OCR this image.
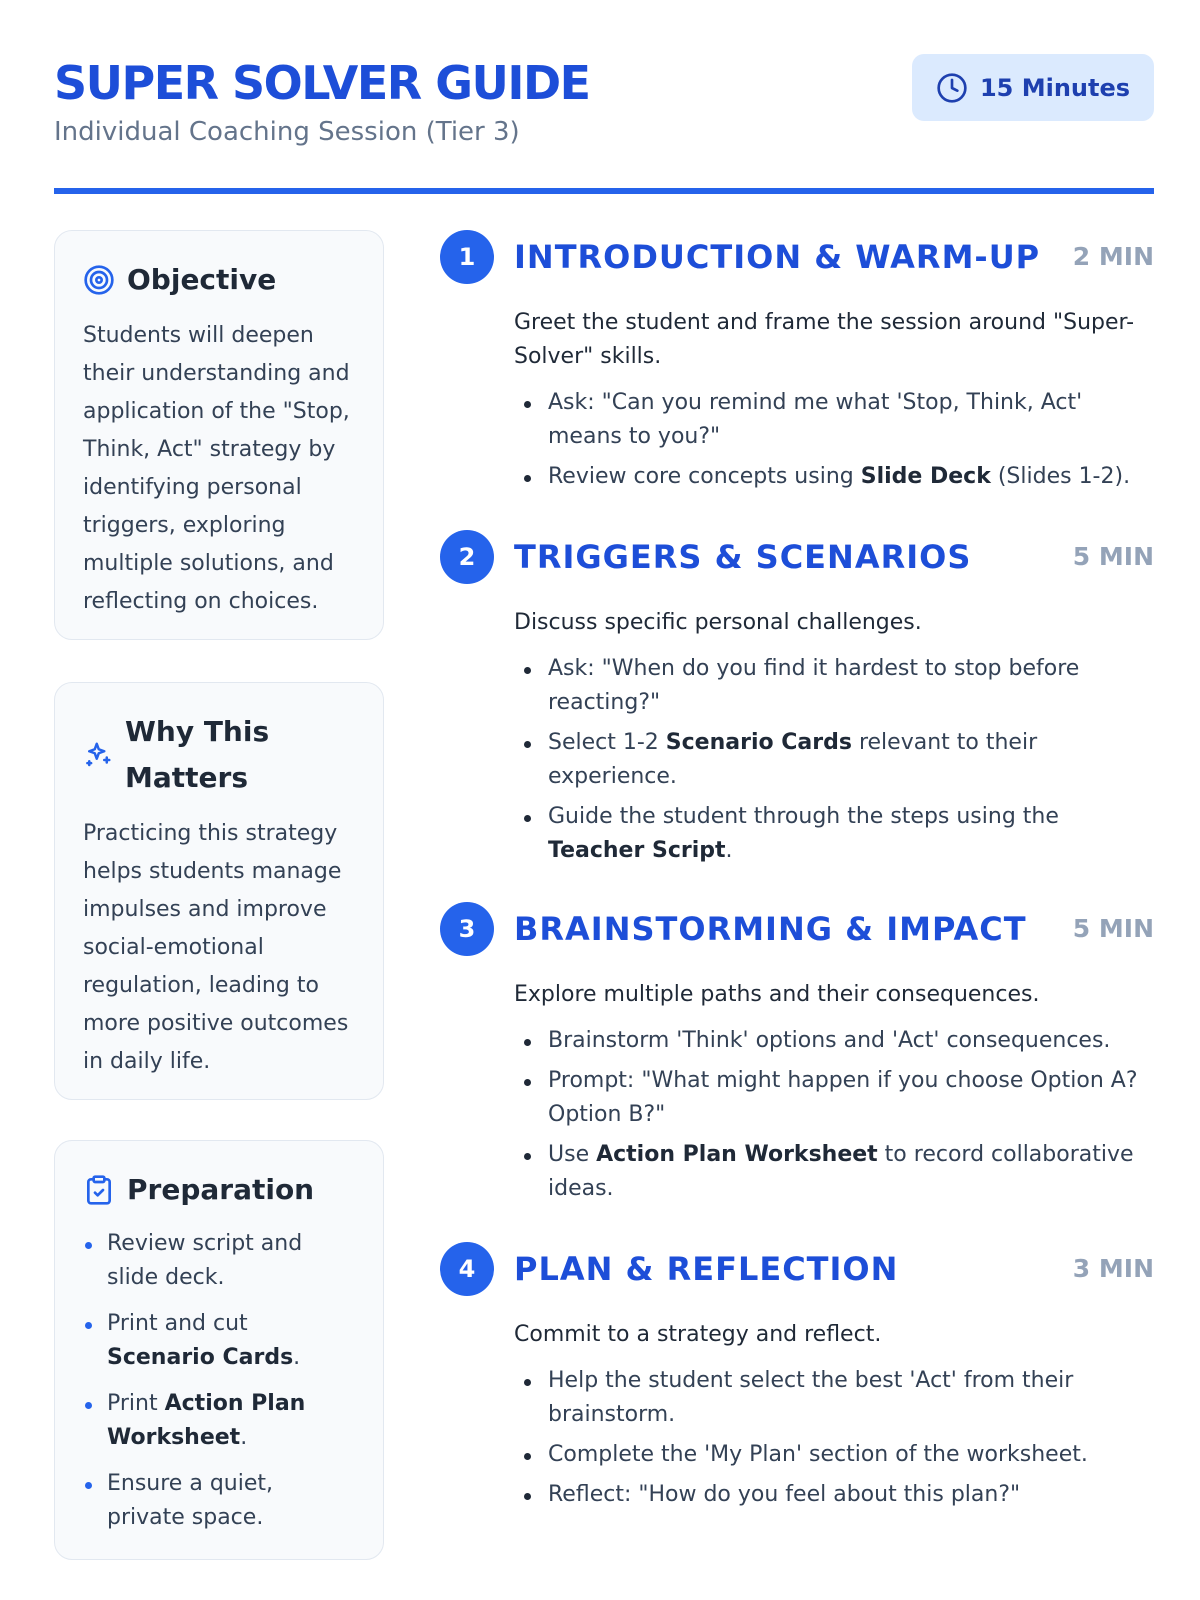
SUPER SOLVER GUIDE
Individual Coaching Session (Tier 3)
15 Minutes
Objective

Students will deepen their understanding and application of the "Stop, Think, Act" strategy by identifying personal triggers, exploring multiple solutions, and reflecting on choices.

Why This Matters

Practicing this strategy helps students manage impulses and improve social-emotional regulation, leading to more positive outcomes in daily life.

Preparation
Review script and slide deck.
Print and cut Scenario Cards.
Print Action Plan Worksheet.
Ensure a quiet, private space.
1	INTRODUCTION & WARM-UP 2 MIN

Greet the student and frame the session around "Super-Solver" skills.

Ask: "Can you remind me what 'Stop, Think, Act' means to you?"
Review core concepts using Slide Deck (Slides 1-2).
2	TRIGGERS & SCENARIOS	5 MIN

Discuss specific personal challenges.

Ask: "When do you find it hardest to stop before reacting?"
Select 1-2 Scenario Cards relevant to their experience.
Guide the student through the steps using the Teacher Script.
3	BRAINSTORMING & IMPACT 5 MIN

Explore multiple paths and their consequences.

Brainstorm 'Think' options and 'Act' consequences.
Prompt: "What might happen if you choose Option A? Option B?"
Use Action Plan Worksheet to record collaborative ideas.
4	PLAN & REFLECTION	3 MIN

Commit to a strategy and reflect.

Help the student select the best 'Act' from their brainstorm.
Complete the 'My Plan' section of the worksheet.
Reflect: "How do you feel about this plan?"
